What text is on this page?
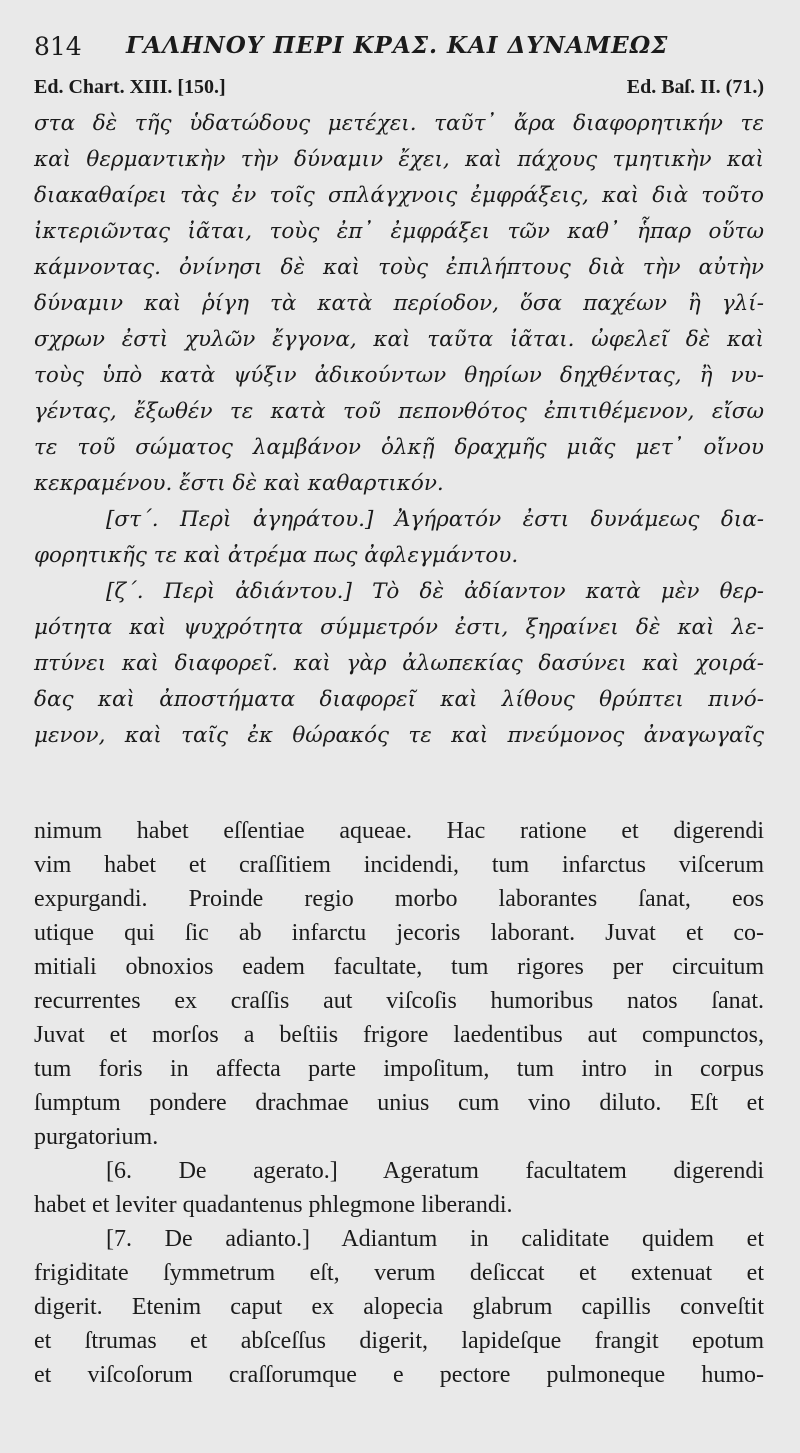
814 ΓΑΛΗΝΟΥ ΠΕΡΙ ΚΡΑΣ. ΚΑΙ ΔΥΝΑΜΕΩΣ
Ed. Chart. XIII. [150.]	Ed. Baſ. II. (71.)
στα δὲ τῆς ὑδατώδους μετέχει. ταῦτ᾽ ἄρα διαφορητικήν τε
καὶ θερμαντικὴν τὴν δύναμιν ἔχει, καὶ πάχους τμητικὴν καὶ
διακαθαίρει τὰς ἐν τοῖς σπλάγχνοις ἐμφράξεις, καὶ διὰ τοῦτο
ἰκτεριῶντας ἰᾶται, τοὺς ἐπ᾽ ἐμφράξει τῶν καθ᾽ ἧπαρ οὕτω
κάμνοντας. ὀνίνησι δὲ καὶ τοὺς ἐπιλήπτους διὰ τὴν αὐτὴν
δύναμιν καὶ ῥίγη τὰ κατὰ περίοδον, ὅσα παχέων ἢ γλί-
σχρων ἐστὶ χυλῶν ἔγγονα, καὶ ταῦτα ἰᾶται. ὠφελεῖ δὲ καὶ
τοὺς ὑπὸ κατὰ ψύξιν ἀδικούντων θηρίων δηχθέντας, ἢ νυ-
γέντας, ἔξωθέν τε κατὰ τοῦ πεπονθότος ἐπιτιθέμενον, εἴσω
τε τοῦ σώματος λαμβάνον ὁλκῇ δραχμῆς μιᾶς μετ᾽ οἴνου
κεκραμένου. ἔστι δὲ καὶ καθαρτικόν.
[στ΄. Περὶ ἀγηράτου.] Ἀγήρατόν ἐστι δυνάμεως δια-
φορητικῆς τε καὶ ἀτρέμα πως ἀφλεγμάντου.
[ζ΄. Περὶ ἀδιάντου.] Τὸ δὲ ἀδίαντον κατὰ μὲν θερ-
μότητα καὶ ψυχρότητα σύμμετρόν ἐστι, ξηραίνει δὲ καὶ λε-
πτύνει καὶ διαφορεῖ. καὶ γὰρ ἀλωπεκίας δασύνει καὶ χοιρά-
δας καὶ ἀποστήματα διαφορεῖ καὶ λίθους θρύπτει πινό-
μενον, καὶ ταῖς ἐκ θώρακός τε καὶ πνεύμονος ἀναγωγαῖς
nimum habet eſſentiae aqueae. Hac ratione et digerendi
vim habet et craſſitiem incidendi, tum infarctus viſcerum
expurgandi. Proinde regio morbo laborantes ſanat, eos
utique qui ſic ab infarctu jecoris laborant. Juvat et co-
mitiali obnoxios eadem facultate, tum rigores per circuitum
recurrentes ex craſſis aut viſcoſis humoribus natos ſanat.
Juvat et morſos a beſtiis frigore laedentibus aut compunctos,
tum foris in affecta parte impoſitum, tum intro in corpus
ſumptum pondere drachmae unius cum vino diluto. Eſt et
purgatorium.
[6. De agerato.] Ageratum facultatem digerendi
habet et leviter quadantenus phlegmone liberandi.
[7. De adianto.] Adiantum in caliditate quidem et
frigiditate ſymmetrum eſt, verum deſiccat et extenuat et
digerit. Etenim caput ex alopecia glabrum capillis conveſtit
et ſtrumas et abſceſſus digerit, lapideſque frangit epotum
et viſcoſorum craſſorumque e pectore pulmoneque humo-
